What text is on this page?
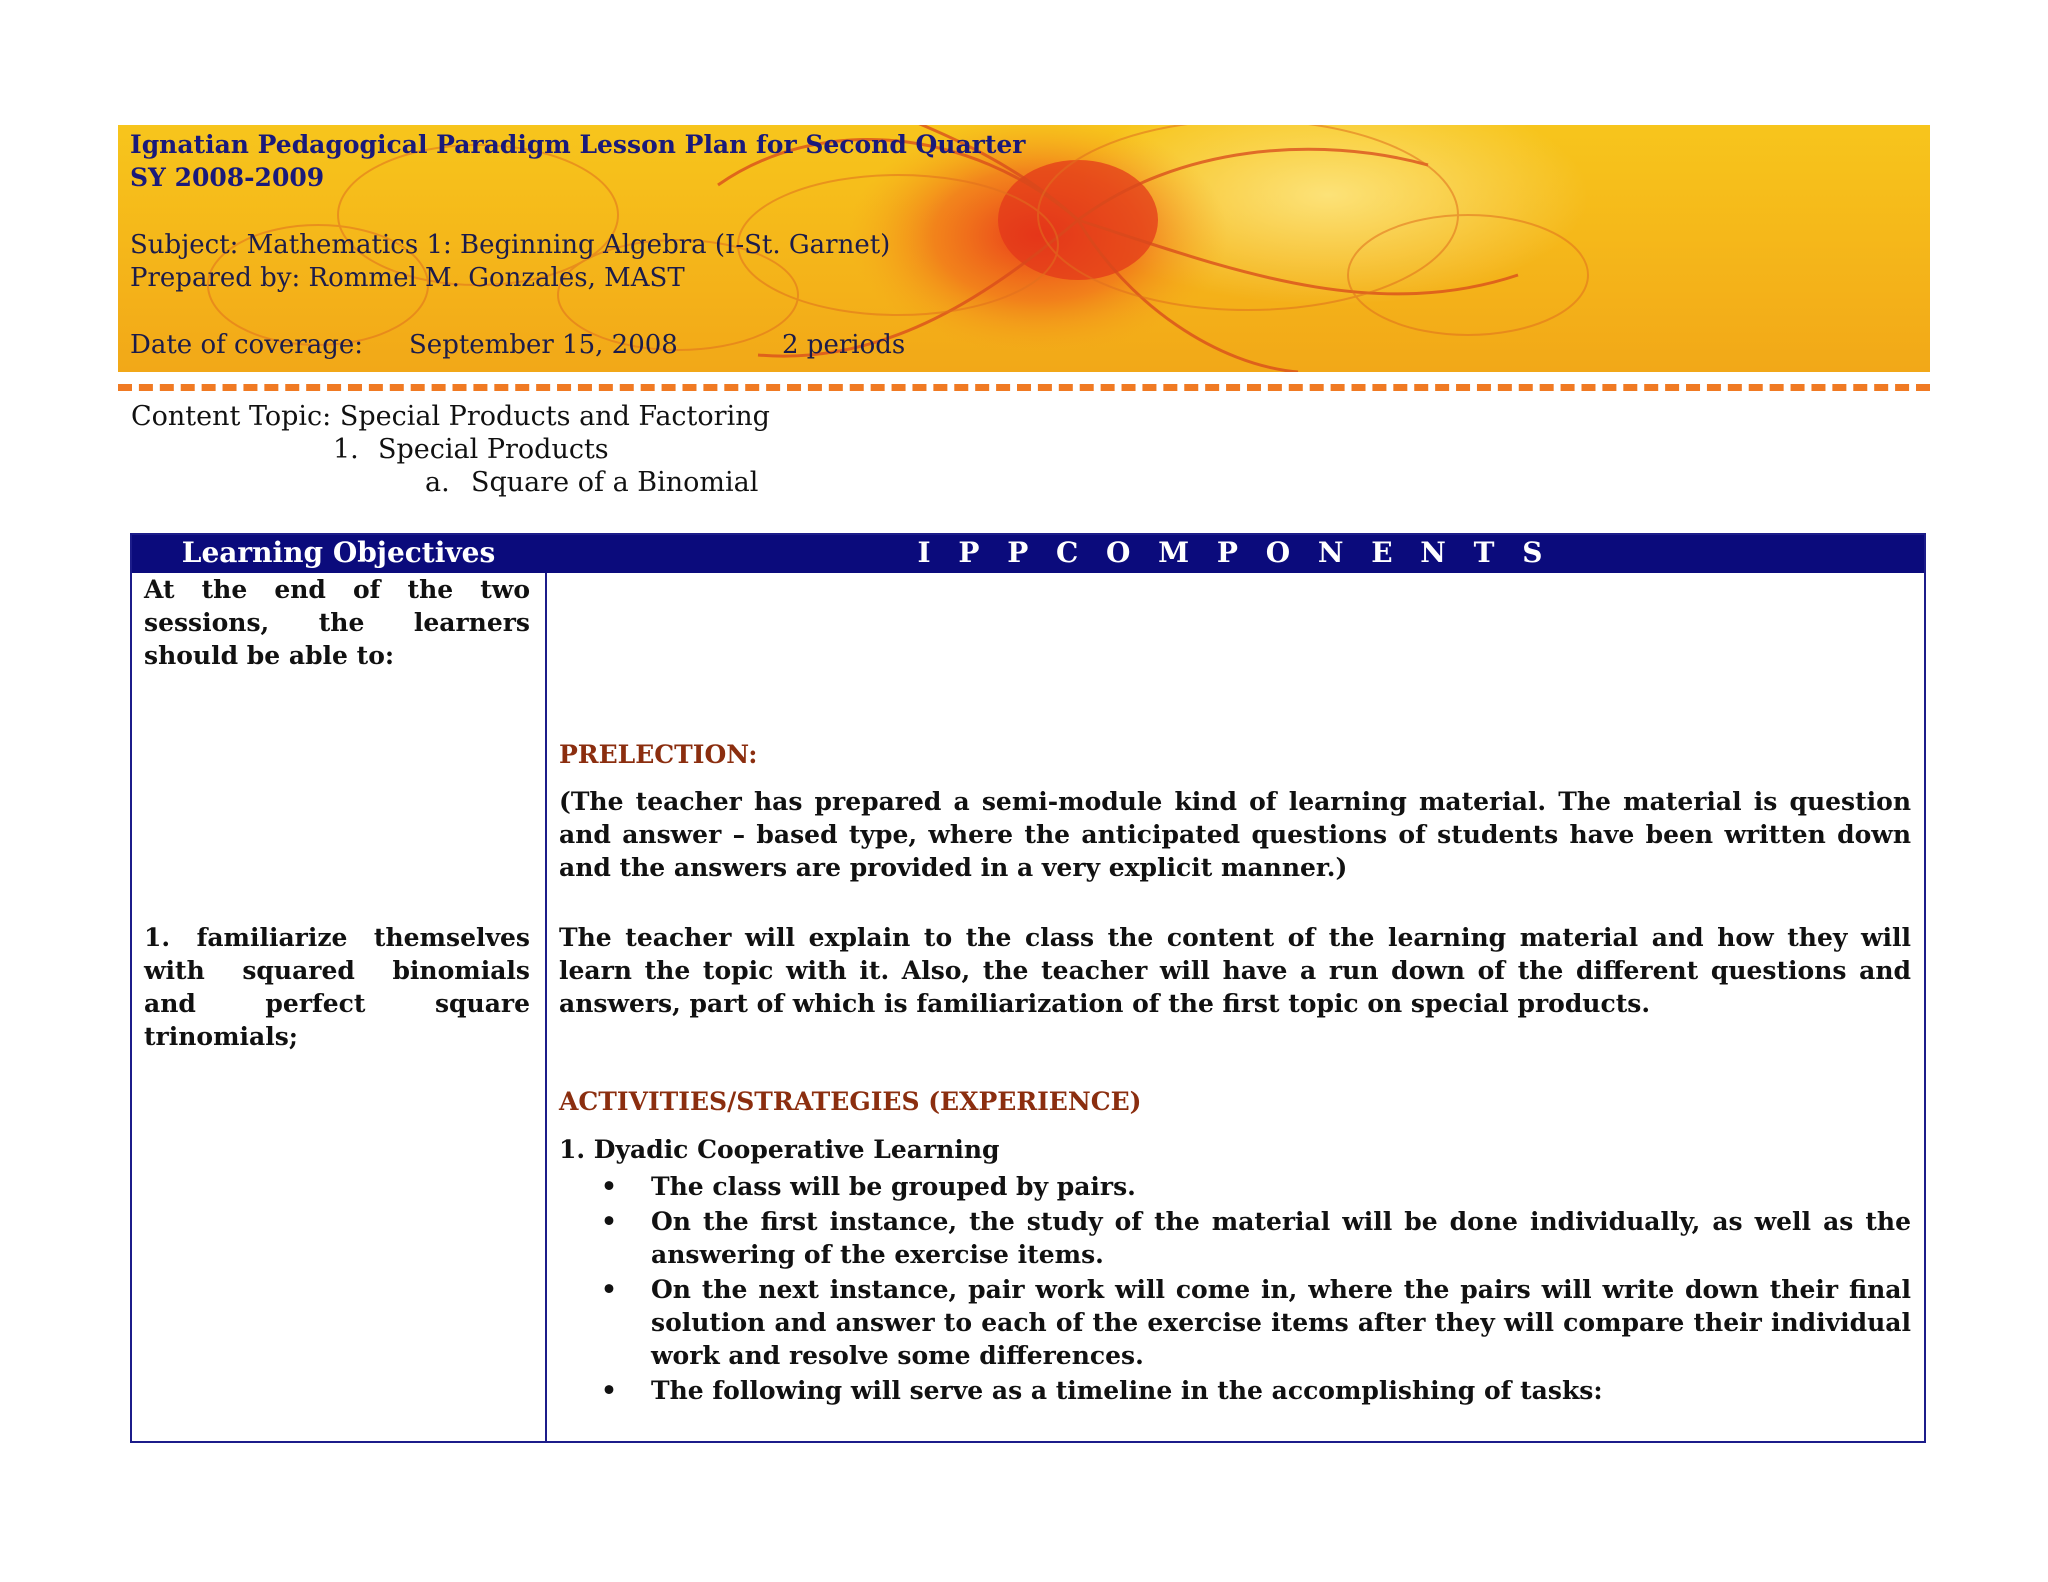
Ignatian Pedagogical Paradigm Lesson Plan for Second Quarter
SY 2008-2009
Subject: Mathematics 1: Beginning Algebra (I-St. Garnet)
Prepared by: Rommel M. Gonzales, MAST
Date of coverage: September 15, 2008	2 periods
Content Topic: Special Products and Factoring
1. Special Products
a. Square of a Binomial
Learning Objectives	I P P C O M P O N E N T S
At the end of the two sessions, the learners should be able to:
1. familiarize themselves with squared binomials and perfect square trinomials;
PRELECTION:
(The teacher has prepared a semi-module kind of learning material. The material is question and answer – based type, where the anticipated questions of students have been written down and the answers are provided in a very explicit manner.)
The teacher will explain to the class the content of the learning material and how they will learn the topic with it. Also, the teacher will have a run down of the different questions and answers, part of which is familiarization of the first topic on special products.
ACTIVITIES/STRATEGIES (EXPERIENCE)
1. Dyadic Cooperative Learning
• The class will be grouped by pairs.
• On the first instance, the study of the material will be done individually, as well as the answering of the exercise items.
• On the next instance, pair work will come in, where the pairs will write down their final solution and answer to each of the exercise items after they will compare their individual work and resolve some differences.
• The following will serve as a timeline in the accomplishing of tasks:
